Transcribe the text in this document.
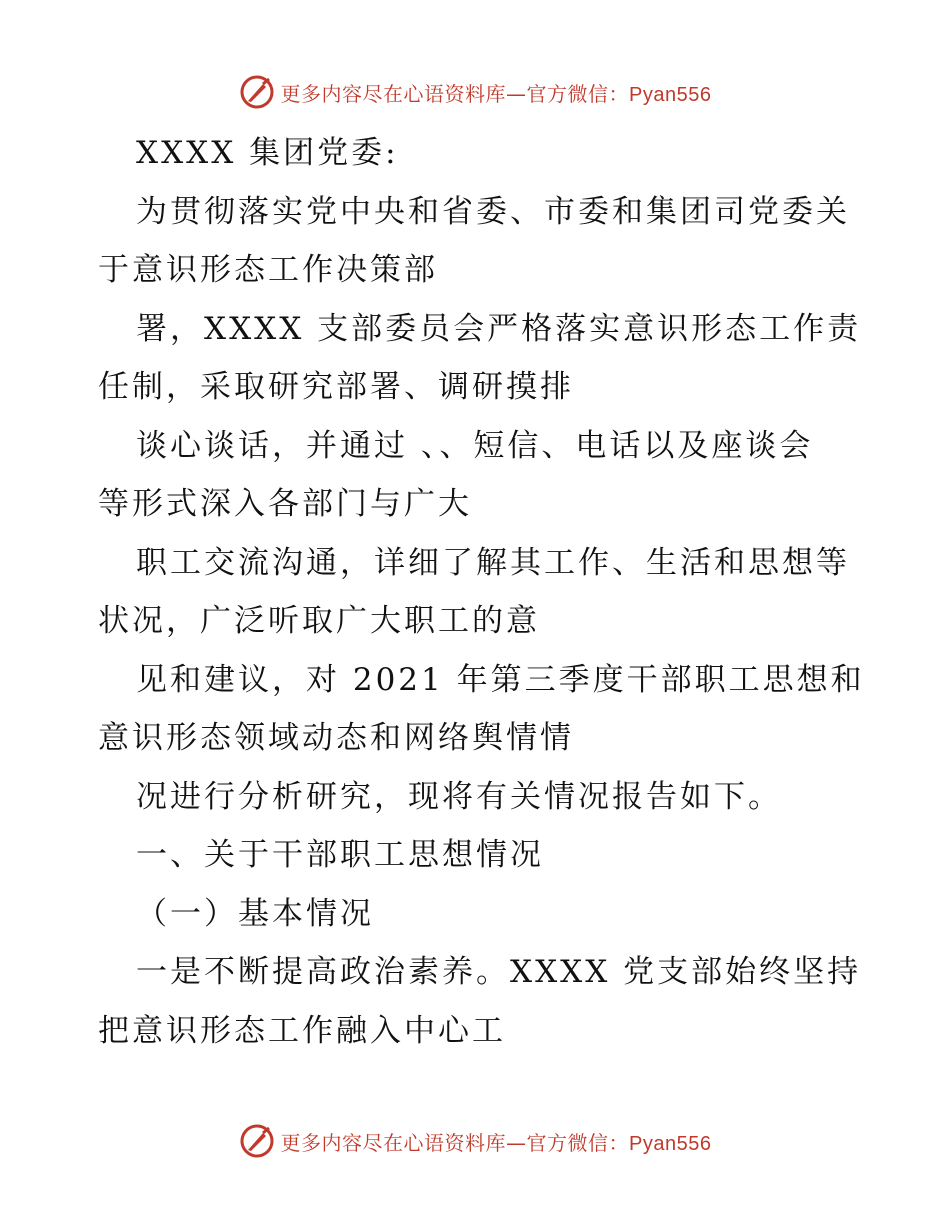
更多内容尽在心语资料库—官方微信：Pyan556
XXXX 集团党委:
为贯彻落实党中央和省委、市委和集团司党委关
于意识形态工作决策部
署，XXXX 支部委员会严格落实意识形态工作责
任制，采取研究部署、调研摸排
谈心谈话，并通过 、、短信、电话以及座谈会
等形式深入各部门与广大
职工交流沟通，详细了解其工作、生活和思想等
状况，广泛听取广大职工的意
见和建议，对 2021 年第三季度干部职工思想和
意识形态领域动态和网络舆情情
况进行分析研究，现将有关情况报告如下。
一、关于干部职工思想情况
（一）基本情况
一是不断提高政治素养。XXXX 党支部始终坚持
把意识形态工作融入中心工
更多内容尽在心语资料库—官方微信：Pyan556
